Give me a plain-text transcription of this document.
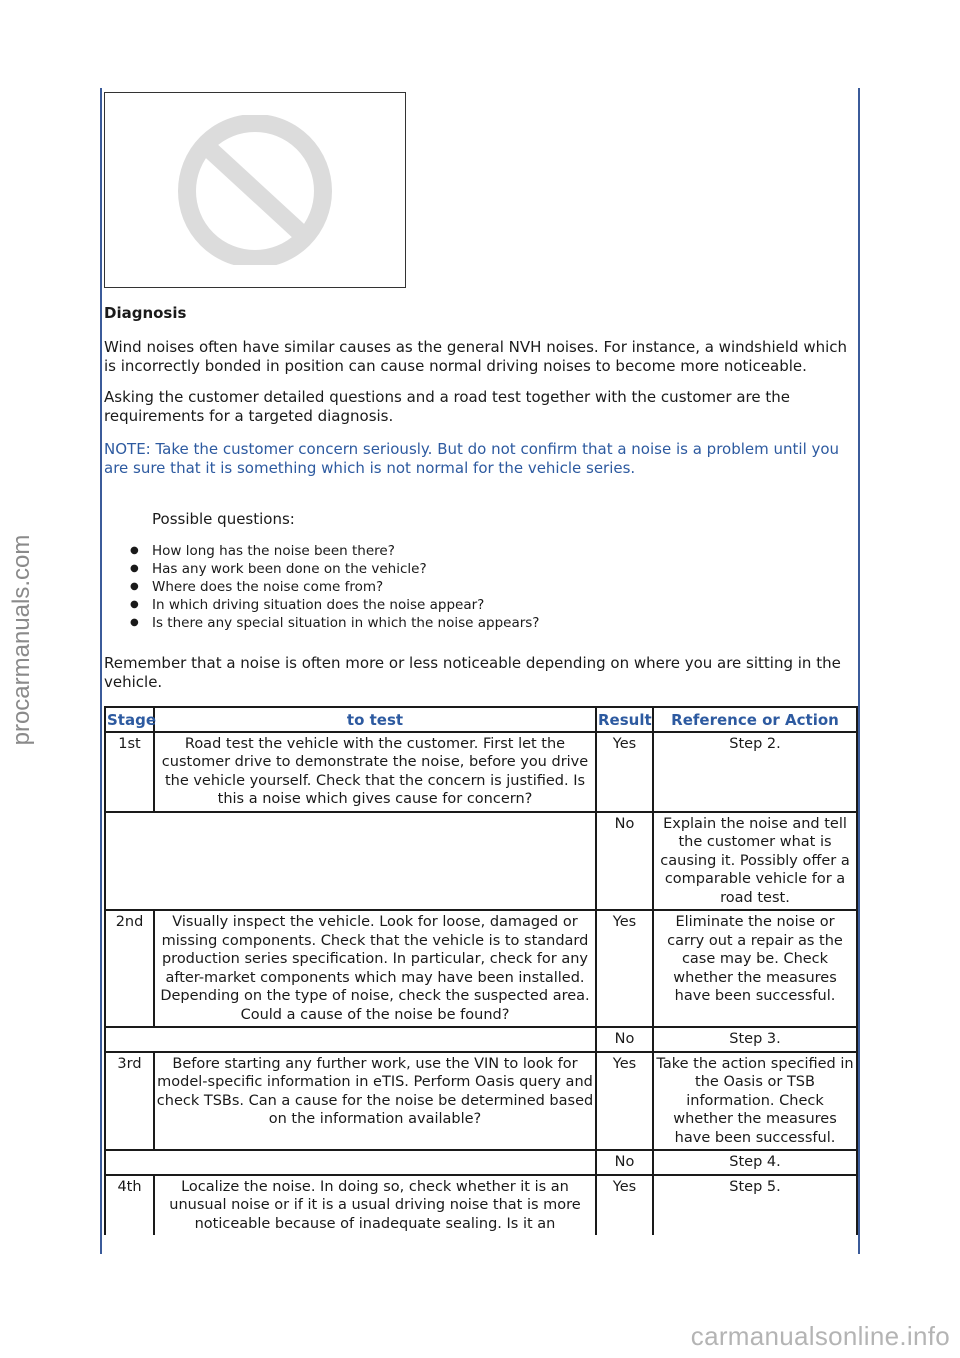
Diagnosis

Wind noises often have similar causes as the general NVH noises. For instance, a windshield which is incorrectly bonded in position can cause normal driving noises to become more noticeable.

Asking the customer detailed questions and a road test together with the customer are the requirements for a targeted diagnosis.

NOTE: Take the customer concern seriously. But do not confirm that a noise is a problem until you are sure that it is something which is not normal for the vehicle series.

Possible questions:
● How long has the noise been there?
● Has any work been done on the vehicle?
● Where does the noise come from?
● In which driving situation does the noise appear?
● Is there any special situation in which the noise appears?

Remember that a noise is often more or less noticeable depending on where you are sitting in the vehicle.

Stage	to test	Result	Reference or Action
1st	Road test the vehicle with the customer. First let the customer drive to demonstrate the noise, before you drive the vehicle yourself. Check that the concern is justified. Is this a noise which gives cause for concern?	Yes	Step 2.
		No	Explain the noise and tell the customer what is causing it. Possibly offer a comparable vehicle for a road test.
2nd	Visually inspect the vehicle. Look for loose, damaged or missing components. Check that the vehicle is to standard production series specification. In particular, check for any after-market components which may have been installed. Depending on the type of noise, check the suspected area. Could a cause of the noise be found?	Yes	Eliminate the noise or carry out a repair as the case may be. Check whether the measures have been successful.
		No	Step 3.
3rd	Before starting any further work, use the VIN to look for model-specific information in eTIS. Perform Oasis query and check TSBs. Can a cause for the noise be determined based on the information available?	Yes	Take the action specified in the Oasis or TSB information. Check whether the measures have been successful.
		No	Step 4.
4th	Localize the noise. In doing so, check whether it is an unusual noise or if it is a usual driving noise that is more noticeable because of inadequate sealing. Is it an	Yes	Step 5.
procarmanuals.com
carmanualsonline.info
